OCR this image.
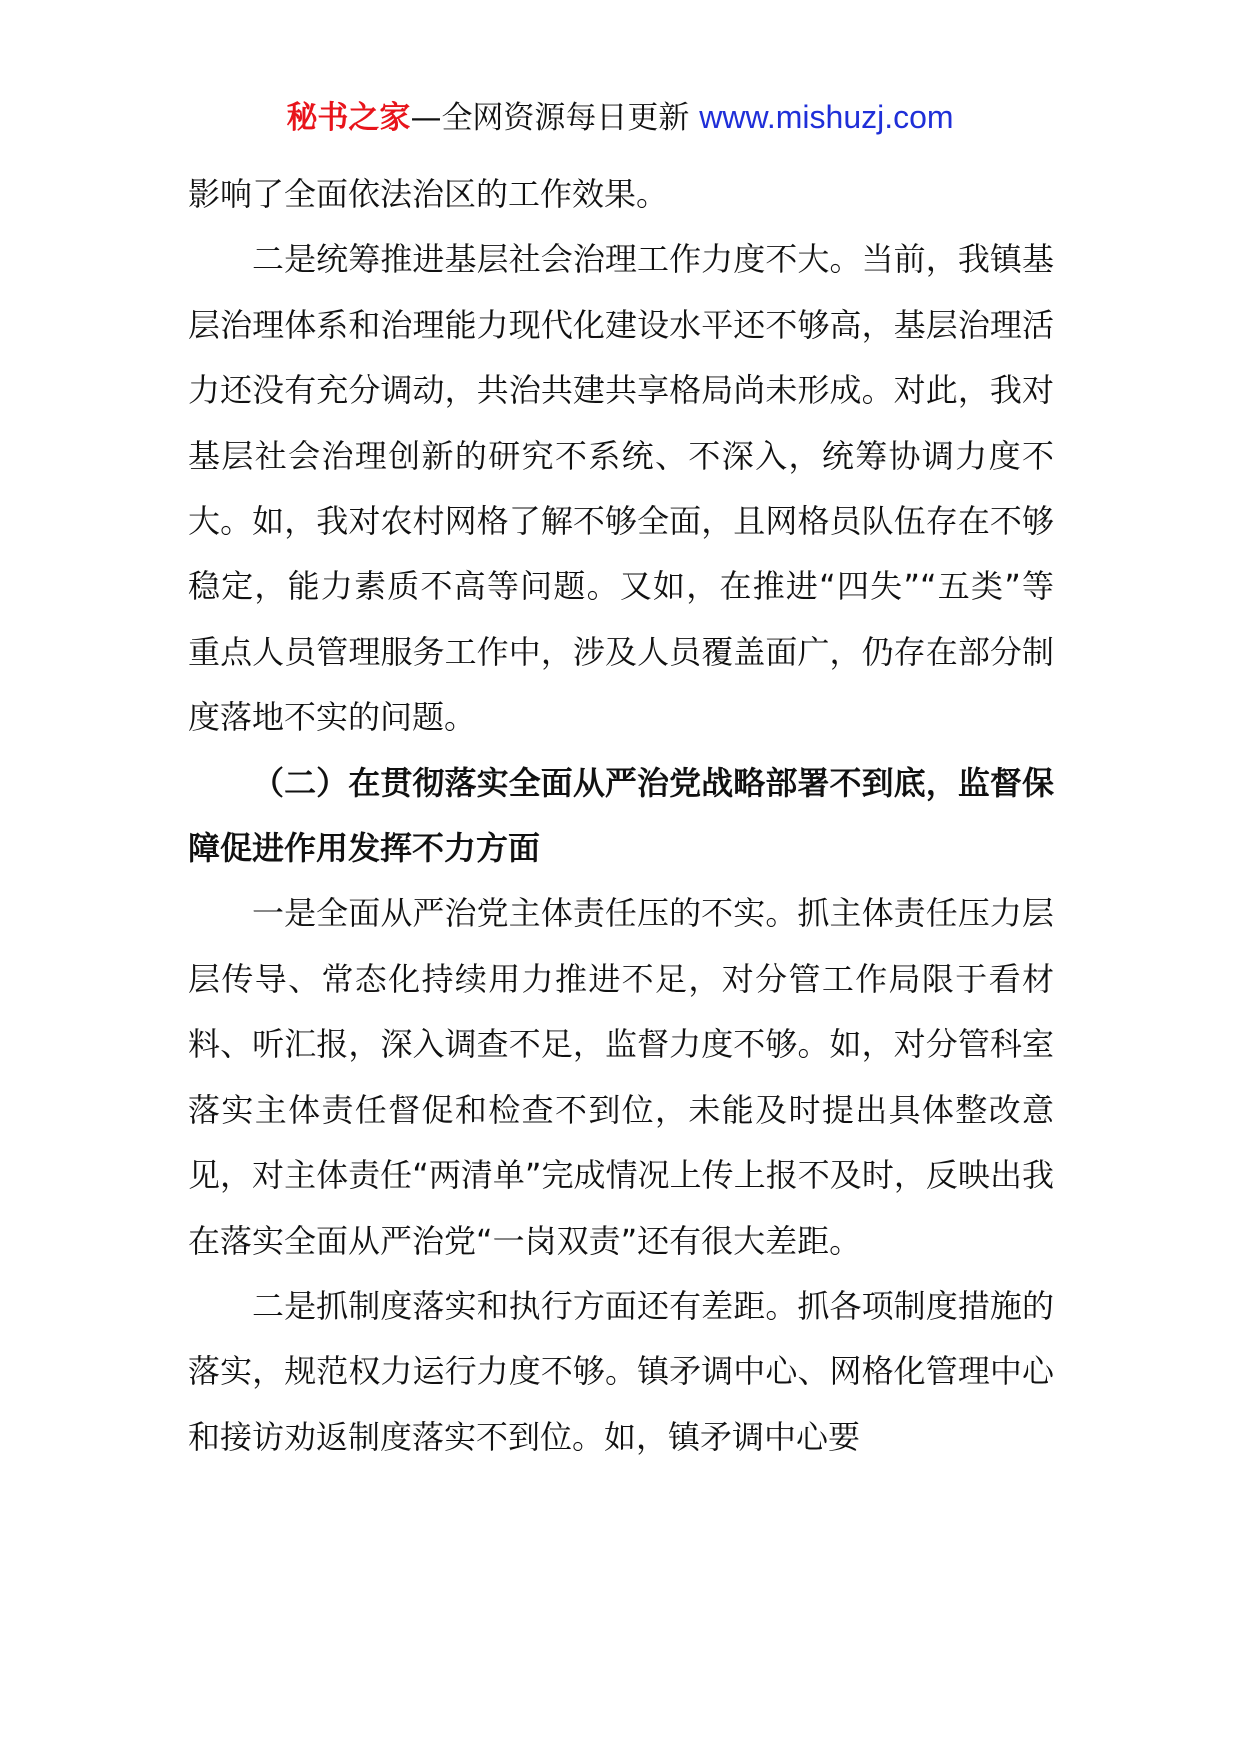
秘书之家—全网资源每日更新 www.mishuzj.com

影响了全面依法治区的工作效果。

二是统筹推进基层社会治理工作力度不大。当前，我镇基层治理体系和治理能力现代化建设水平还不够高，基层治理活力还没有充分调动，共治共建共享格局尚未形成。对此，我对基层社会治理创新的研究不系统、不深入，统筹协调力度不大。如，我对农村网格了解不够全面，且网格员队伍存在不够稳定，能力素质不高等问题。又如，在推进“四失”“五类”等重点人员管理服务工作中，涉及人员覆盖面广，仍存在部分制度落地不实的问题。

（二）在贯彻落实全面从严治党战略部署不到底，监督保障促进作用发挥不力方面

一是全面从严治党主体责任压的不实。抓主体责任压力层层传导、常态化持续用力推进不足，对分管工作局限于看材料、听汇报，深入调查不足，监督力度不够。如，对分管科室落实主体责任督促和检查不到位，未能及时提出具体整改意见，对主体责任“两清单”完成情况上传上报不及时，反映出我在落实全面从严治党“一岗双责”还有很大差距。

二是抓制度落实和执行方面还有差距。抓各项制度措施的落实，规范权力运行力度不够。镇矛调中心、网格化管理中心和接访劝返制度落实不到位。如，镇矛调中心要
